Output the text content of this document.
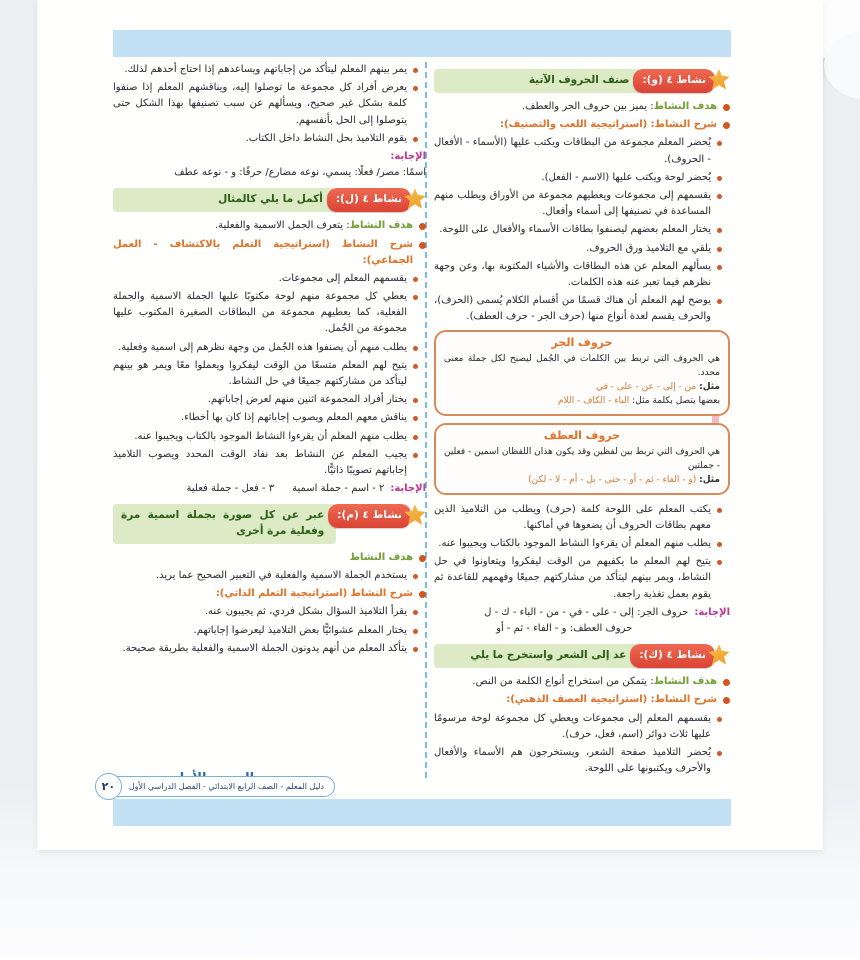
نشاط ٤ (و):
صنف الحروف الآتية
هدف النشاط: يميز بين حروف الجر والعطف.
شرح النشاط: (استراتيجية اللعب والتصنيف):
يُحضر المعلم مجموعة من البطاقات ويكتب عليها (الأسماء - الأفعال - الحروف).
يُحضر لوحة ويكتب عليها (الاسم - الفعل).
يقسمهم إلى مجموعات ويعطيهم مجموعة من الأوراق ويطلب منهم المساعدة في تصنيفها إلى أسماء وأفعال.
يختار المعلم بعضهم ليصنفوا بطاقات الأسماء والأفعال على اللوحة.
يلقي مع التلاميذ ورق الحروف.
يسألهم المعلم عن هذه البطاقات والأشياء المكتوبة بها، وعن وجهة نظرهم فيما تعبر عنه هذه الكلمات.
يوضح لهم المعلم أن هناك قسمًا من أقسام الكلام يُسمى (الحرف)، والحرف يقسم لعدة أنواع منها (حرف الجر - حرف العطف).
حروف الجر
هي الحروف التي تربط بين الكلمات في الجُمل ليصبح لكل جملة معنى محدد.
مثل: من - إلى - عن - على - في
بعضها يتصل بكلمة مثل: الباء - الكاف - اللام
حروف العطف
هي الحروف التي تربط بين لفظين وقد يكون هذان اللفظان اسمين - فعلين - جملتين
مثل: (و - الفاء - ثم - أو - حتى - بل - أم - لا - لكن)
يكتب المعلم على اللوحة كلمة (حرف) ويطلب من التلاميذ الذين معهم بطاقات الحروف أن يضعوها في أماكنها.
يطلب منهم المعلم أن يقرءوا النشاط الموجود بالكتاب ويجيبوا عنه.
يتيح لهم المعلم ما يكفيهم من الوقت ليفكروا ويتعاونوا في حل النشاط، ويمر بينهم ليتأكد من مشاركتهم جميعًا وفهمهم للقاعدة ثم يقوم بعمل تغذية راجعة.
الإجابة:
حروف الجر: إلى - على - في - من - الباء - ك - ل
حروف العطف: و - الفاء - ثم - أو
نشاط ٤ (ك):
عد إلى الشعر واستخرج ما يلي
هدف النشاط: يتمكن من استخراج أنواع الكلمة من النص.
شرح النشاط: (استراتيجية العصف الذهني):
يقسمهم المعلم إلى مجموعات ويعطي كل مجموعة لوحة مرسومًا عليها ثلاث دوائر (اسم، فعل، حرف).
يُحضر التلاميذ صفحة الشعر، ويستخرجون هم الأسماء والأفعال والأحرف ويكتبونها على اللوحة.
يمر بينهم المعلم ليتأكد من إجاباتهم ويساعدهم إذا احتاج أحدهم لذلك.
يعرض أفراد كل مجموعة ما توصلوا إليه، ويناقشهم المعلم إذا صنفوا كلمة بشكل غير صحيح، ويسألهم عن سبب تصنيفها بهذا الشكل حتى يتوصلوا إلى الحل بأنفسهم.
يقوم التلاميذ بحل النشاط داخل الكتاب.
الإجابة:
اسمًا: مصر/ فعلًا: يسمي، نوعه مضارع/ حرفًا: و - نوعه عطف
نشاط ٤ (ل):
أكمل ما يلي كالمثال
هدف النشاط: يتعرف الجمل الاسمية والفعلية.
شرح النشاط (استراتيجية التعلم بالاكتشاف - العمل الجماعي):
يقسمهم المعلم إلى مجموعات.
يعطي كل مجموعة منهم لوحة مكتوبًا عليها الجملة الاسمية والجملة الفعلية، كما يعطيهم مجموعة من البطاقات الصغيرة المكتوب عليها مجموعة من الجُمل.
يطلب منهم أن يصنفوا هذه الجُمل من وجهة نظرهم إلى اسمية وفعلية.
يتيح لهم المعلم متسعًا من الوقت ليفكروا ويعملوا معًا ويمر هو بينهم ليتأكد من مشاركتهم جميعًا في حل النشاط.
يختار أفراد المجموعة اثنين منهم لعرض إجاباتهم.
يناقش معهم المعلم ويصوب إجاباتهم إذا كان بها أخطاء.
يطلب منهم المعلم أن يقرءوا النشاط الموجود بالكتاب ويجيبوا عنه.
يجيب المعلم عن النشاط بعد نفاد الوقت المحدد ويصوب التلاميذ إجاباتهم تصويبًا ذاتيًّا.
الإجابة:
٢ - اسم - جملة اسمية
٣ - فعل - جملة فعلية
نشاط ٤ (م):
عبر عن كل صورة بجملة اسمية مرة وفعلية مرة أخرى
هدف النشاط
يستخدم الجملة الاسمية والفعلية في التعبير الصحيح عما يريد.
شرح النشاط (استراتيجية التعلم الذاتي):
يقرأ التلاميذ السؤال بشكل فردي، ثم يجيبون عنه.
يختار المعلم عشوائيًّا بعض التلاميذ ليعرضوا إجاباتهم.
يتأكد المعلم من أنهم يدونون الجملة الاسمية والفعلية بطريقة صحيحة.
دليل المعلم - الصف الرابع الابتدائي - الفصل الدراسي الأول
٢٠
